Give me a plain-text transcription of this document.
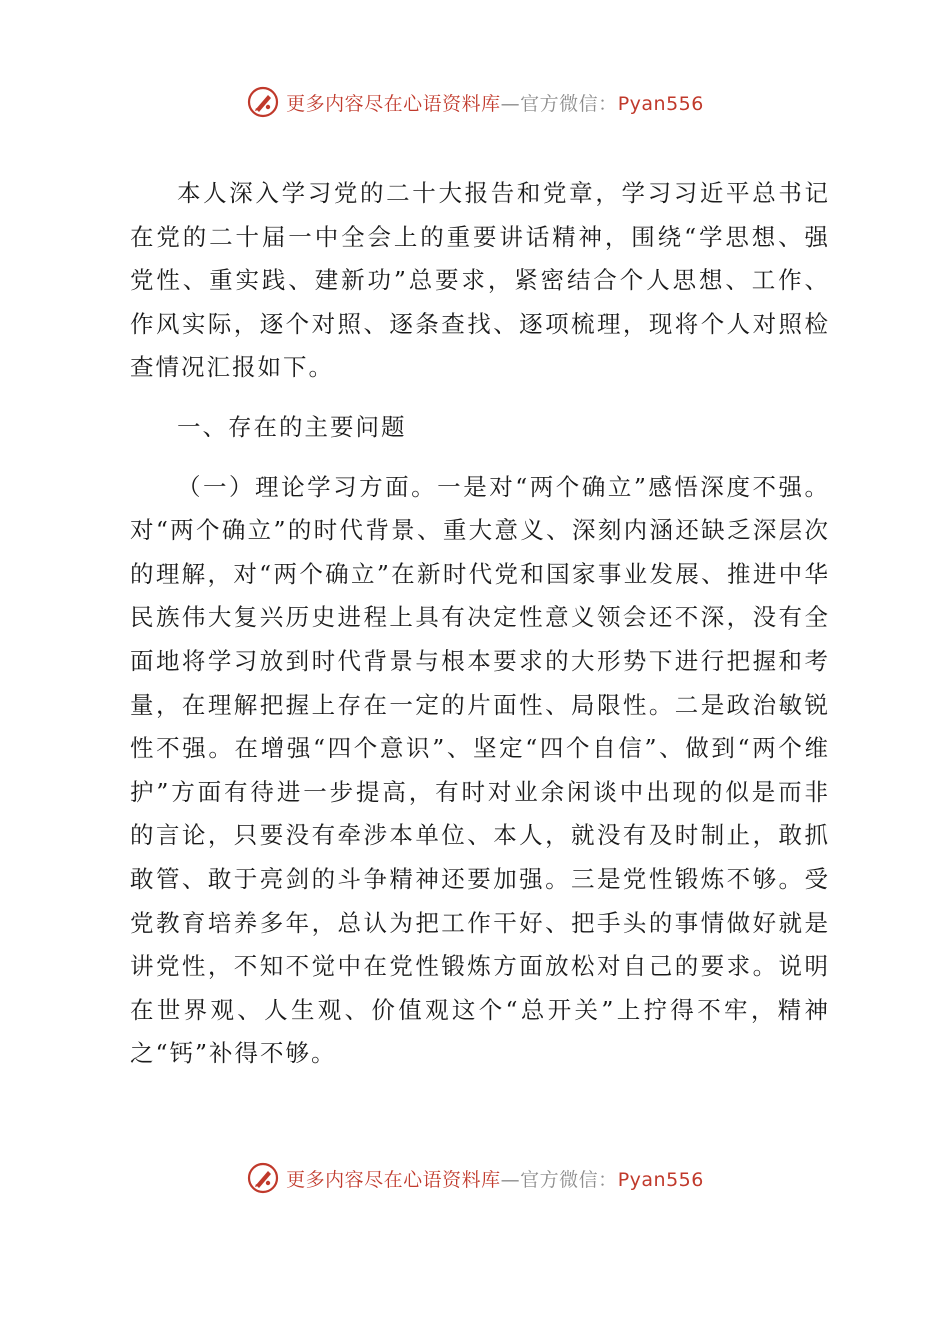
更多内容尽在心语资料库—官方微信：Pyan556

本人深入学习党的二十大报告和党章，学习习近平总书记在党的二十届一中全会上的重要讲话精神，围绕“学思想、强党性、重实践、建新功”总要求，紧密结合个人思想、工作、作风实际，逐个对照、逐条查找、逐项梳理，现将个人对照检查情况汇报如下。

一、存在的主要问题

（一）理论学习方面。一是对“两个确立”感悟深度不强。对“两个确立”的时代背景、重大意义、深刻内涵还缺乏深层次的理解，对“两个确立”在新时代党和国家事业发展、推进中华民族伟大复兴历史进程上具有决定性意义领会还不深，没有全面地将学习放到时代背景与根本要求的大形势下进行把握和考量，在理解把握上存在一定的片面性、局限性。二是政治敏锐性不强。在增强“四个意识”、坚定“四个自信”、做到“两个维护”方面有待进一步提高，有时对业余闲谈中出现的似是而非的言论，只要没有牵涉本单位、本人，就没有及时制止，敢抓敢管、敢于亮剑的斗争精神还要加强。三是党性锻炼不够。受党教育培养多年，总认为把工作干好、把手头的事情做好就是讲党性，不知不觉中在党性锻炼方面放松对自己的要求。说明在世界观、人生观、价值观这个“总开关”上拧得不牢，精神之“钙”补得不够。

更多内容尽在心语资料库—官方微信：Pyan556
